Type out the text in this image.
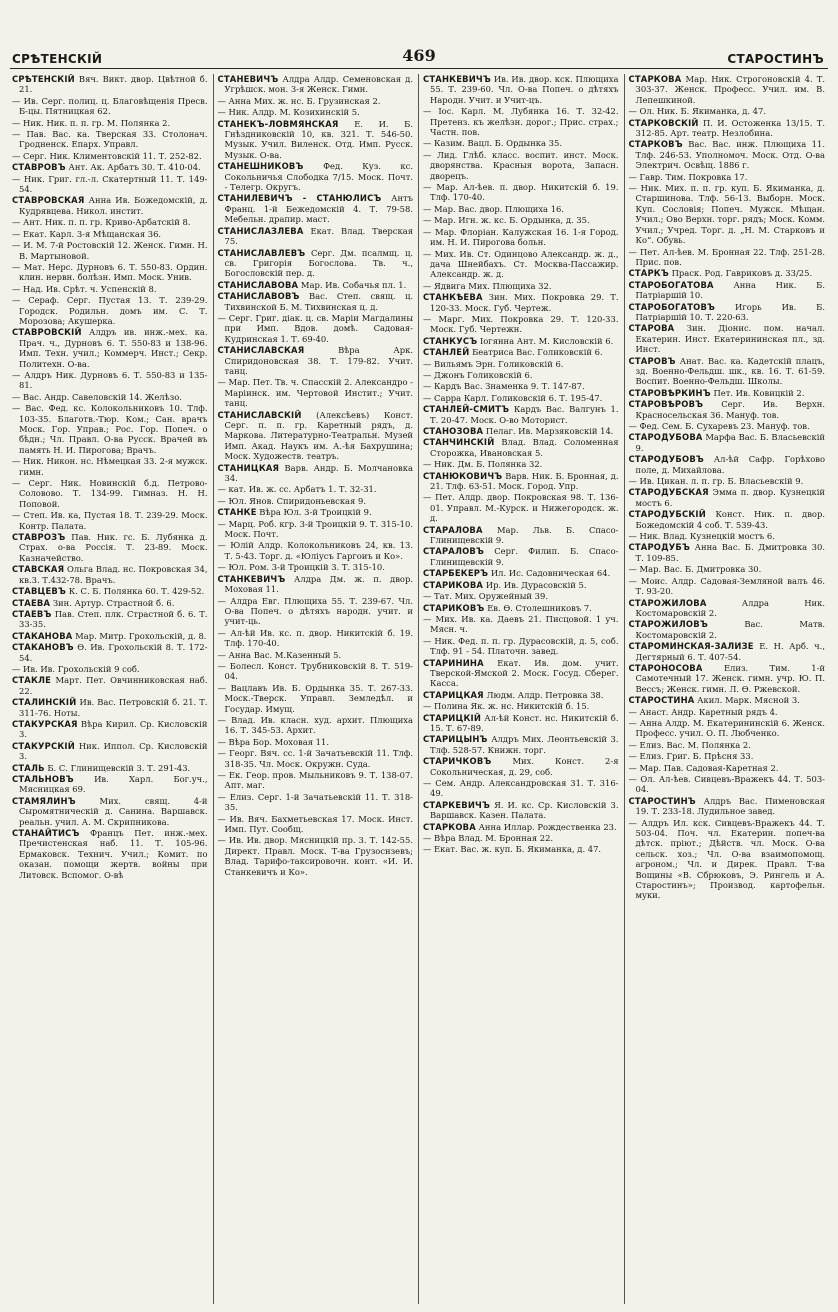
СРѢТЕНСКІЙ	469	СТАРОСТИНЪ
СРѢТЕНСКІЙ Вяч. Викт. двор. Цвѣтной б. 21.
— Ив. Серг. полиц. ц. Благовѣщенія Преcв. Б-цы. Пятницкая 62.
— Ник. Ник. п. п. гр. М. Полянка 2.
— Пав. Вас. ка. Тверская 33. Столонач. Гродненск. Епарх. Управл.
— Серг. Ник. Климентовскій 11. Т. 252-82.
СТАВРОВЪ Ант. Ак. Арбатъ 30. Т. 410-04.
— Ник. Григ. гл.-л. Скатертный 11. Т. 149-54.
СТАВРОВСКАЯ Анна Ив. Божедомскій, д. Кудрявцева. Никол. инстит.
— Ант. Ник. п. п. гр. Криво-Арбатскій 8.
— Екат. Карл. 3-я Мѣщанская 36.
— И. М. 7-й Ростовскій 12. Женск. Гимн. Н. В. Мартыновой.
— Мат. Нерс. Дурновъ 6. Т. 550-83. Ордин. клин. нервн. болѣзн. Имп. Моск. Унив.
— Над. Ив. Срѣт. ч. Успенскій 8.
— Сераф. Серг. Пустая 13. Т. 239-29. Городск. Родильн. домъ им. С. Т. Морозова; Акушерка.
СТАВРОВСКІЙ Алдръ ив. инж.-мех. ка. Прач. ч., Дурновъ 6. Т. 550-83 и 138-96. Имп. Техн. учил.; Коммерч. Инст.; Секр. Политехн. О-ва.
— Алдръ Ник. Дурновъ 6. Т. 550-83 и 135-81.
— Вас. Андр. Савеловскій 14. Желѣзо.
— Вас. Фед. кс. Колокольниковъ 10. Тлф. 103-35. Благотв.-Тюр. Ком.; Сан. врачъ Моск. Гор. Управ.; Рос. Гор. Попеч. о бѣдн.; Чл. Правл. О-ва Русск. Врачей въ память Н. И. Пирогова; Врачъ.
— Ник. Никон. нс. Нѣмецкая 33. 2-я мужск. гимн.
— Серг. Ник. Новинскій б.д. Петрово-Соловово. Т. 134-99. Гимназ. Н. Н. Поповой.
— Степ. Ив. ка, Пустая 18. Т. 239-29. Моск. Контр. Палата.
СТАВРОЗЪ Пав. Ник. гс. Б. Лубянка д. Страх. о-ва Россія. Т. 23-89. Моск. Казначейство.
СТАВСКАЯ Ольга Влад. нс. Покровская 34, кв.3. Т.432-78. Врачъ.
СТАВЦЕВЪ К. С. Б. Полянка 60. Т. 429-52.
СТАЕВА Зин. Артур. Страстной б. 6.
СТАЕВЪ Пав. Степ. плк. Страстной б. 6. Т. 33-35.
СТАКАНОВА Мар. Митр. Грохольскій, д. 8.
СТАКАНОВЪ Ѳ. Ив. Грохольскій 8. Т. 172-54.
— Ив. Ив. Грохольскій 9 соб.
СТАКЛЕ Март. Пет. Овчинниковская наб. 22.
СТАЛИНСКІЙ Ив. Вас. Петровскій б. 21. Т. 311-76. Ноты.
СТАКУРСКАЯ Вѣра Кирил. Ср. Кисловскій 3.
СТАКУРСКІЙ Ник. Иппол. Ср. Кисловскій 3.
СТАЛЬ Б. С. Глинищевскій 3. Т. 291-43.
СТАЛЬНОВЪ Ив. Харл. Бог.уч., Мясницкая 69.
СТАМЯЛИНЪ	Мих. свящ. 4-й Сыромятническій д. Санина. Варшавск. реальн. учил. А. М. Скрипникова.
СТАНАЙТИСЪ Францъ Пет. инж.-мех. Пречистенская наб. 11. Т. 105-96. Ермаковск. Технич. Учил.; Комит. по оказан. помощи жертв. войны при Литовск. Вспомог. О-вѣ
СТАНЕВИЧЪ Алдра Алдр. Семеновская д. Угрѣшск. мон. 3-я Женск. Гимн.
— Анна Мих. ж. нс. Б. Грузинская 2.
— Ник. Алдр. М. Козихинскій 5.
СТАНЕКЪ-ЛОВМЯНСКАЯ Е. И. Б. Гнѣздниковскій 10, кв. 321. Т. 546-50. Музык. Учил. Виленск. Отд. Имп. Русск. Музык. О-ва.
СТАНЕШНИКОВЪ Фед. Куз. кс. Сокольничья Слободка 7/15. Моск. Почт. - Телегр. Округъ.
СТАНИЛЕВИЧЪ - СТАНЮЛИСЪ Антъ Франц. 1-й Бежедомскій 4. Т. 79-58. Мебельн. драпир. маст.
СТАНИСЛАЗЛЕВА Екат. Влад. Тверская 75.
СТАНИСЛАВЛЕВЪ Серг. Дм. псалмщ. ц. св. Григорія Богослова. Тв. ч., Богословскій пер. д.
СТАНИСЛАВОВА Мар. Ив. Собачья пл. 1.
СТАНИСЛАВОВЪ Вас. Степ. свящ. ц. Тихвинской Б. М. Тихвинская ц. д.
— Серг. Григ. діак. ц. св. Маріи Магдалины при Имп. Вдов. домѣ. Садовая-Кудринская 1. Т. 69-40.
СТАНИСЛАВСКАЯ	Вѣра Арк. Спиридоновская 38. Т. 179-82. Учит. танц.
— Мар. Пет. Тв. ч. Спасскій 2. Александро - Маріинск. им. Чертовой Инстит.; Учит. танц.
СТАНИСЛАВСКІЙ (Алексѣевъ) Конст. Серг. п. п. гр. Каретный рядъ, д. Маркова. Литературно-Театральн. Музей Имп. Акад. Наукъ им. А.-ѣя Бахрушина; Моск. Художеств. театръ.
СТАНИЦКАЯ Варв. Андр. Б. Молчановка 34.
— кат. Ив. ж. сс. Арбатъ 1. Т. 32-31.
— Юл. Янов. Спиридоньевская 9.
СТАНКЕ Вѣра Юл. 3-й Троицкій 9.
— Марц. Роб. кгр. 3-й Троицкій 9. Т. 315-10. Моск. Почт.
— Юлій Алдр. Колокольниковъ 24, кв. 13. Т. 5-43. Торг. д. «Юліусъ Гаргоиъ и Ко».
— Юл. Ром. 3-й Троицкій 3. Т. 315-10.
СТАНКЕВИЧЪ Алдра Дм. ж. п. двор. Моховая 11.
— Алдра Евг. Плющиха 55. Т. 239-67. Чл. О-ва Попеч. о дѣтяхъ народн. учит. и учит-ць.
— Ал-ѣй Ив. кс. п. двор. Никитскій б. 19. Тлф. 170-40.
— Анна Вас. М.Казенный 5.
— Болесл. Конст. Трубниковскій 8. Т. 519-04.
— Вацлавъ Ив. Б. Ордынка 35. Т. 267-33. Моск.-Тверск. Управл. Земледѣл. и Государ. Имущ.
— Влад. Ив. класн. худ. архит. Плющиха 16. Т. 345-53. Архит.
— Вѣра Бор. Моховая 11.
— Георг. Вяч. сс. 1-й Зачатьевскій 11. Тлф. 318-35. Чл. Моск. Окружн. Суда.
— Ек. Геор. пров. Мыльниковъ 9. Т. 138-07. Апт. маг.
— Елиз. Серг. 1-й Зачатьевскій 11. Т. 318-35.
— Ив. Вяч. Бахметьевская 17. Моск. Инст. Имп. Пут. Сообщ.
— Ив. Ив. двор. Мясницкій пр. 3. Т. 142-55. Директ. Правл. Моск. Т-ва Грузоснзевъ; Влад. Тарифо-таксировочн. конт. «И. И. Станкевичъ и Ко».
СТАНКЕВИЧЪ Ив. Ив. двор. кск. Плющиха 55. Т. 239-60. Чл. О-ва Попеч. о дѣтяхъ Народн. Учит. и Учит-цъ.
— Іос. Карл. М. Лубянка 16. Т. 32-42. Претенз. къ желѣзн. дорог.; Прис. страх.; Частн. пов.
— Казим. Вацл. Б. Ордынка 35.
— Лид. Глѣб. класс. воспит. инст. Моск. дворянства. Красныя ворота, Запасн. дворецъ.
— Мар. Ал-ѣев. п. двор. Никитскій б. 19. Тлф. 170-40.
— Мар. Вас. двор. Плющиха 16.
— Мар. Игн. ж. кс. Б. Ордынка, д. 35.
— Мар. Флоріан. Калужская 16. 1-я Город. им. Н. И. Пирогова больн.
— Мих. Ив. Ст. Одинцово Александр. ж. д., дача Шнейбахъ. Ст. Москва-Пассажир. Александр. ж. д.
— Ядвига Мих. Плющиха 32.
СТАНКѢЕВА Зин. Мих. Покровка 29. Т. 120-33. Моск. Губ. Чертеж.
— Марг. Мих. Покровка 29. Т. 120-33. Моск. Губ. Чертежн.
СТАНКУСЪ Іогянна Ант. М. Кисловскій 6.
СТАНЛЕЙ Беатриса Вас. Голиковскій 6.
— Вильямъ Эрн. Голиковскій 6.
— Джонъ Голиковскій 6.
— Кардъ Вас. Знаменка 9. Т. 147-87.
— Сарра Карл. Голиковскій 6. Т. 195-47.
СТАНЛЕЙ-СМИТЪ Кардъ Вас. Валгунъ 1. Т. 20-47. Моск. О-во Моторист.
СТАНОЗОВА Пелаг. Ив. Марзяковскій 14.
СТАНЧИНСКІЙ Влад. Влад. Соломенная Сторожка, Ивановская 5.
— Ник. Дм. Б. Полянка 32.
СТАНЮКОВИЧЪ Варв. Ник. Б. Бронная, д. 21. Тлф. 63-51. Моск. Город. Упр.
— Пет. Алдр. двор. Покровская 98. Т. 136-01. Управл. М.-Курск. и Нижегородск. ж. д.
СТАРАЛОВА Мар. Льв. Б. Спасо-Глинищевскій 9.
СТАРАЛОВЪ Серг. Филип. Б. Спасо-Глинищевскій 9.
СТАРБЕКЕРЪ Ил. Ис. Садовническая 64.
СТАРИКОВА Ир. Ив. Дурасовскій 5.
— Тат. Мих. Оружейный 39.
СТАРИКОВЪ Ев. Ѳ. Столешниковъ 7.
— Мих. Ив. ка. Даевъ 21. Писцовой. 1 уч. Мясн. ч.
— Ник. Фед. п. п. гр. Дурасовскій, д. 5, соб. Тлф. 91 - 54. Платочн. завед.
СТАРИНИНА Екат. Ив. дом. учит. Тверской-Ямской 2. Моск. Госуд. Сберег. Касса.
СТАРИЦКАЯ Людм. Алдр. Петровка 38.
— Полина Як. ж. нс. Никитскій б. 15.
СТАРИЦКІЙ Ал-ѣй Конст. нс. Никитскій б. 15. Т. 67-89.
СТАРИЦЫНЪ Алдръ Мих. Леонтьевскій 3. Тлф. 528-57. Книжн. торг.
СТАРИЧКОВЪ Мих. Конст. 2-я Сокольническая, д. 29, соб.
— Сем. Андр. Александровская 31. Т. 316-49.
СТАРКЕВИЧЪ Я. И. кс. Ср. Кисловскій 3. Варшавск. Казен. Палата.
СТАРКОВА Анна Иллар. Рождественка 23.
— Вѣра Влад. М. Бронная 22.
— Екат. Вас. ж. куп. Б. Якиманка, д. 47.
СТАРКОВА Мар. Ник. Строгоновскій 4. Т. 303-37. Женск. Професс. Учил. им. В. Лепешкиной.
— Ол. Ник. Б. Якиманка, д. 47.
СТАРКОВСКІЙ П. И. Остоженка 13/15. Т. 312-85. Арт. театр. Незлобина.
СТАРКОВЪ Вас. Вас. инж. Плющиха 11. Тлф. 246-53. Уполномоч. Моск. Отд. О-ва Электрич. Освѣщ. 1886 г.
— Гавр. Тим. Покровка 17.
— Ник. Мих. п. п. гр. куп. Б. Якиманка, д. Старшинова. Тлф. 56-13. Выборн. Моск. Куп. Сословія; Попеч. Мужск. Мѣщан. Учил.; Ово Верхн. торг. рядъ; Моск. Комм. Учил.; Учред. Торг. д. „Н. М. Старковъ и Ко“. Обувь.
— Пет. Ал-ѣев. М. Бронная 22. Тлф. 251-28. Прис. пов.
СТАРКЪ Праск. Род. Гавриковъ д. 33/25.
СТАРОБОГАТОВА Анна Ник. Б. Патріаршій 10.
СТАРОБОГАТОВЪ Игорь Ив. Б. Патріаршій 10. Т. 220-63.
СТАРОВА Зин. Діонис. пом. начал. Екатерин. Инст. Екатерининская пл., зд. Инст.
СТАРОВЪ Анат. Вас. ка. Кадетскій плацъ, зд. Военно-Фельдш. шк., кв. 16. Т. 61-59. Воспит. Военно-Фельдш. Школы.
СТАРОВѢРКИНЪ Пет. Ив. Ковицкій 2.
СТАРОВѢРОВЪ Серг. Ив. Верхн. Красносельская 36. Мануф. тов.
— Фед. Сем. Б. Сухаревъ 23. Мануф. тов.
СТАРОДУБОВА Марфа Вас. Б. Власьевскій 9.
СТАРОДУБОВЪ Ал-ѣй Сафр. Горѣхово поле, д. Михайлова.
— Ив. Цикан. л. п. гр. Б. Власьевскій 9.
СТАРОДУБСКАЯ Эмма п. двор. Кузнецкій мостъ 6.
СТАРОДУБСКІЙ Конст. Ник. п. двор. Божедомскій 4 соб. Т. 539-43.
— Ник. Влад. Кузнецкій мостъ 6.
СТАРОДУБЪ Анна Вас. Б. Дмитровка 30. Т. 109-85.
— Мар. Вас. Б. Дмитровка 30.
— Моис. Алдр. Садовая-Земляной валъ 46. Т. 93-20.
СТАРОЖИЛОВА	Алдра Ник. Костомаровскій 2.
СТАРОЖИЛОВЪ	Вас. Матв. Костомаровскій 2.
СТАРОМИНСКАЯ-ЗАЛИЗЕ Е. Н. Арб. ч., Дегтярный 6. Т. 407-54.
СТАРОНОСОВА	Елиз. Тим. 1-й Самотечный 17. Женск. гимн. учр. Ю. П. Вессъ; Женск. гимн. Л. Ѳ. Ржевской.
СТАРОСТИНА Акил. Марк. Мясной 3.
— Анаст. Андр. Каретный рядъ 4.
— Анна Алдр. М. Екатерининскій 6. Женск. Професс. учил. О. П. Любченко.
— Елиз. Вас. М. Полянка 2.
— Елиз. Григ. Б. Прѣсня 33.
— Мар. Пав. Садовая-Каретная 2.
— Ол. Ал-ѣев. Сивцевъ-Вражекъ 44. Т. 503-04.
СТАРОСТИНЪ Алдръ Вас. Пименовская 19. Т. 233-18. Лудильное завед.
— Алдръ Ил. кск. Сивцевъ-Вражекъ 44. Т. 503-04. Поч. чл. Екатерин. попеч-ва дѣтск. пріют.; Дѣйств. чл. Моск. О-ва сельск. хоз.; Чл. О-ва взаимопомощ. агроном.; Чл. и Дирек. Правл. Т-ва Вощины «В. Сбрюковъ, Э. Рингель и А. Старостинъ»; Производ. картофельн. муки.
